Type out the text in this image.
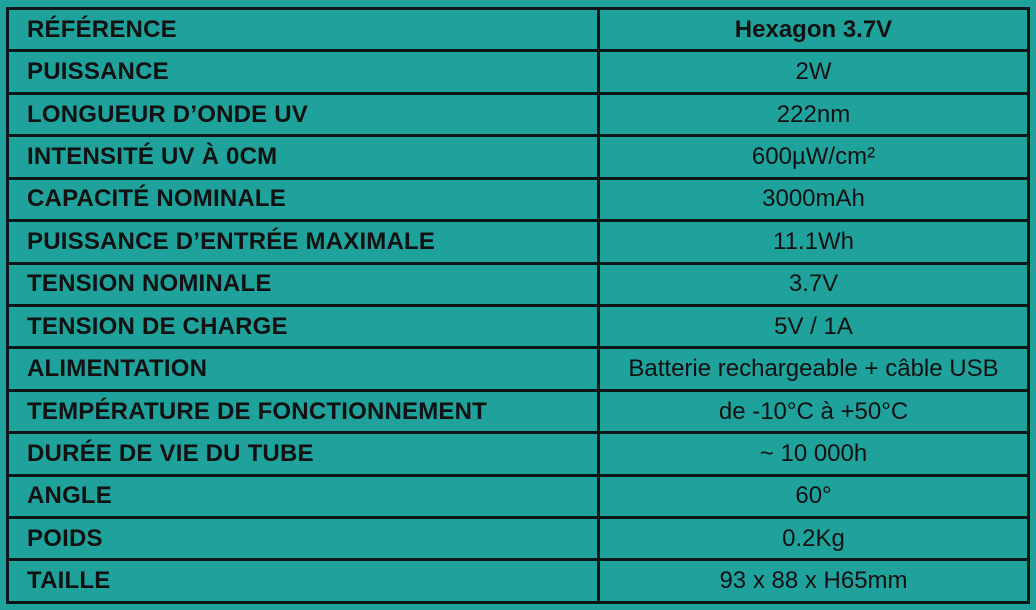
RÉFÉRENCE	Hexagon 3.7V
PUISSANCE	2W
LONGUEUR D’ONDE UV	222nm
INTENSITÉ UV À 0CM	600µW/cm²
CAPACITÉ NOMINALE	3000mAh
PUISSANCE D’ENTRÉE MAXIMALE	11.1Wh
TENSION NOMINALE	3.7V
TENSION DE CHARGE	5V / 1A
ALIMENTATION	Batterie rechargeable + câble USB
TEMPÉRATURE DE FONCTIONNEMENT	de -10°C à +50°C
DURÉE DE VIE DU TUBE	~ 10 000h
ANGLE	60°
POIDS	0.2Kg
TAILLE	93 x 88 x H65mm
